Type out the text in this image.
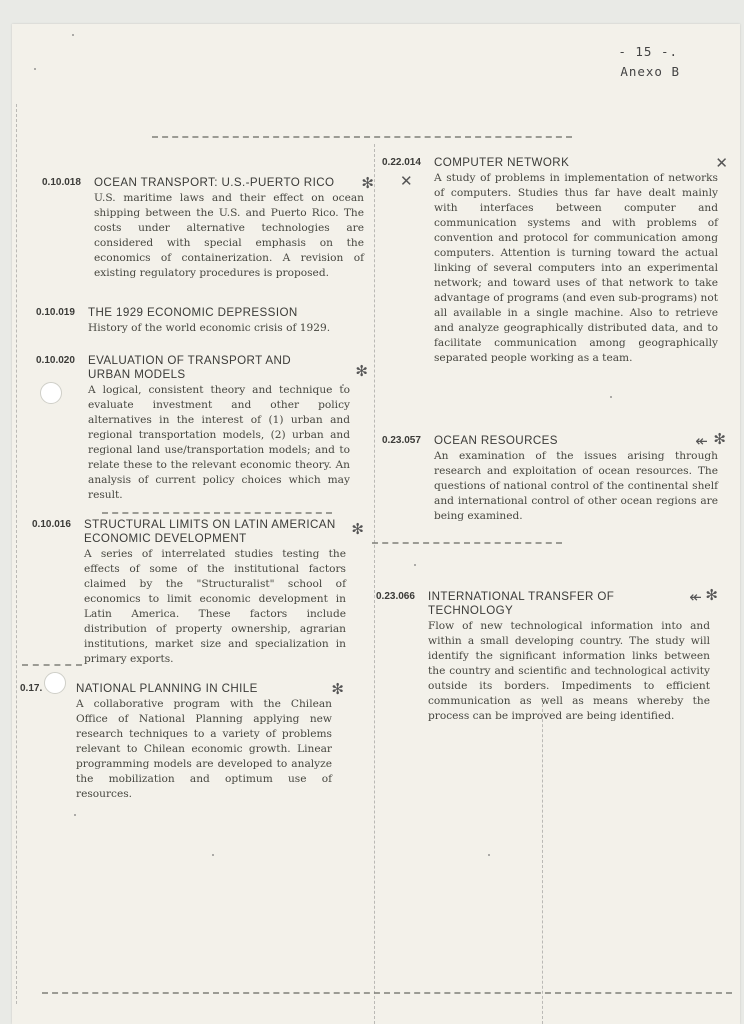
- 15 -.
Anexo B
0.10.018 OCEAN TRANSPORT: U.S.-PUERTO RICO
U.S. maritime laws and their effect on ocean shipping between the U.S. and Puerto Rico. The costs under alternative technologies are considered with special emphasis on the economics of containerization. A revision of existing regulatory procedures is proposed.
✻
0.10.019 THE 1929 ECONOMIC DEPRESSION
History of the world economic crisis of 1929.
0.10.020 EVALUATION OF TRANSPORT AND URBAN MODELS
A logical, consistent theory and technique to evaluate investment and other policy alternatives in the interest of (1) urban and regional transportation models, (2) urban and regional land use/transportation models; and to relate these to the relevant economic theory. An analysis of current policy choices which may result.
✻
0.10.016 STRUCTURAL LIMITS ON LATIN AMERICAN ECONOMIC DEVELOPMENT
A series of interrelated studies testing the effects of some of the institutional factors claimed by the "Structuralist" school of economics to limit economic development in Latin America. These factors include distribution of property ownership, agrarian institutions, market size and specialization in primary exports.
✻
0.17.	NATIONAL PLANNING IN CHILE
A collaborative program with the Chilean Office of National Planning applying new research techniques to a variety of problems relevant to Chilean economic growth. Linear programming models are developed to analyze the mobilization and optimum use of resources.
✻
0.22.014 COMPUTER NETWORK
A study of problems in implementation of networks of computers. Studies thus far have dealt mainly with interfaces between computer and communication systems and with problems of convention and protocol for communication among computers. Attention is turning toward the actual linking of several computers into an experimental network; and toward uses of that network to take advantage of programs (and even sub-programs) not all available in a single machine. Also to retrieve and analyze geographically distributed data, and to facilitate communication among geographically separated people working as a team.
✕
✕
0.23.057 OCEAN RESOURCES
An examination of the issues arising through research and exploitation of ocean resources. The questions of national control of the continental shelf and international control of other ocean regions are being examined.
↞ ✻
0.23.066 INTERNATIONAL TRANSFER OF TECHNOLOGY
Flow of new technological information into and within a small developing country. The study will identify the significant information links between the country and scientific and technological activity outside its borders. Impediments to efficient communication as well as means whereby the process can be improved are being identified.
↞ ✻
